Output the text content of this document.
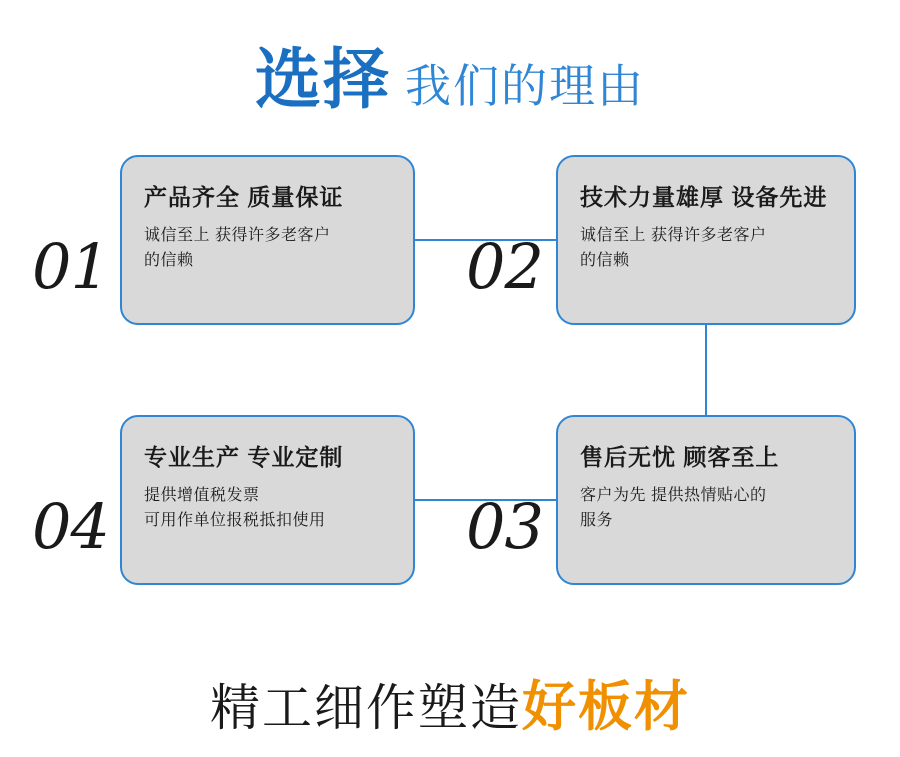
选择 我们的理由
01
产品齐全 质量保证
诚信至上 获得许多老客户
的信赖	02
技术力量雄厚 设备先进
诚信至上 获得许多老客户
的信赖
04
专业生产 专业定制
提供增值税发票
可用作单位报税抵扣使用	03
售后无忧 顾客至上
客户为先 提供热情贴心的
服务
精工细作塑造好板材
